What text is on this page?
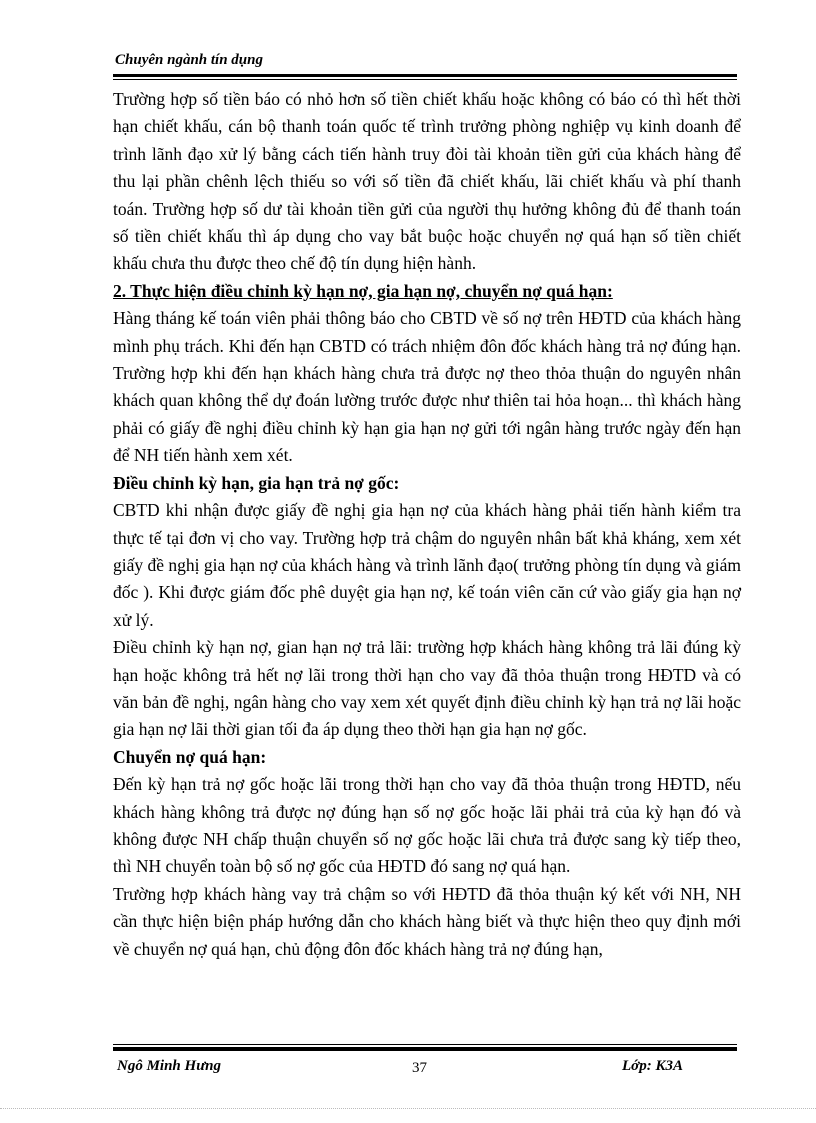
Chuyên ngành tín dụng

Trường hợp số tiền báo có nhỏ hơn số tiền chiết khấu hoặc không có báo có thì hết thời hạn chiết khấu, cán bộ thanh toán quốc tế trình trưởng phòng nghiệp vụ kinh doanh để trình lãnh đạo xử lý bằng cách tiến hành truy đòi tài khoản tiền gửi của khách hàng để thu lại phần chênh lệch thiếu so với số tiền đã chiết khấu, lãi chiết khấu và phí thanh toán. Trường hợp số dư tài khoản tiền gửi của người thụ hưởng không đủ để thanh toán số tiền chiết khấu thì áp dụng cho vay bắt buộc hoặc chuyển nợ quá hạn số tiền chiết khấu chưa thu được theo chế độ tín dụng hiện hành.

2. Thực hiện điều chỉnh kỳ hạn nợ, gia hạn nợ, chuyển nợ quá hạn:

Hàng tháng kế toán viên phải thông báo cho CBTD về số nợ trên HĐTD của khách hàng mình phụ trách. Khi đến hạn CBTD có trách nhiệm đôn đốc khách hàng trả nợ đúng hạn. Trường hợp khi đến hạn khách hàng chưa trả được nợ theo thỏa thuận do nguyên nhân khách quan không thể dự đoán lường trước được như thiên tai hỏa hoạn... thì khách hàng phải có giấy đề nghị điều chỉnh kỳ hạn gia hạn nợ gửi tới ngân hàng trước ngày đến hạn để NH tiến hành xem xét.

Điều chỉnh kỳ hạn, gia hạn trả nợ gốc:

CBTD khi nhận được giấy đề nghị gia hạn nợ của khách hàng phải tiến hành kiểm tra thực tế tại đơn vị cho vay. Trường hợp trả chậm do nguyên nhân bất khả kháng, xem xét giấy đề nghị gia hạn nợ của khách hàng và trình lãnh đạo( trưởng phòng tín dụng và giám đốc ). Khi được giám đốc phê duyệt gia hạn nợ, kế toán viên căn cứ vào giấy gia hạn nợ xử lý.

Điều chỉnh kỳ hạn nợ, gian hạn nợ trả lãi: trường hợp khách hàng không trả lãi đúng kỳ hạn hoặc không trả hết nợ lãi trong thời hạn cho vay đã thỏa thuận trong HĐTD và có văn bản đề nghị, ngân hàng cho vay xem xét quyết định điều chỉnh kỳ hạn trả nợ lãi hoặc gia hạn nợ lãi thời gian tối đa áp dụng theo thời hạn gia hạn nợ gốc.

Chuyển nợ quá hạn:

Đến kỳ hạn trả nợ gốc hoặc lãi trong thời hạn cho vay đã thỏa thuận trong HĐTD, nếu khách hàng không trả được nợ đúng hạn số nợ gốc hoặc lãi phải trả của kỳ hạn đó và không được NH chấp thuận chuyển số nợ gốc hoặc lãi chưa trả được sang kỳ tiếp theo, thì NH chuyển toàn bộ số nợ gốc của HĐTD đó sang nợ quá hạn.

Trường hợp khách hàng vay trả chậm so với HĐTD đã thỏa thuận ký kết với NH, NH cần thực hiện biện pháp hướng dẫn cho khách hàng biết và thực hiện theo quy định mới về chuyển nợ quá hạn, chủ động đôn đốc khách hàng trả nợ đúng hạn,

Ngô Minh Hưng	37	Lớp: K3A
